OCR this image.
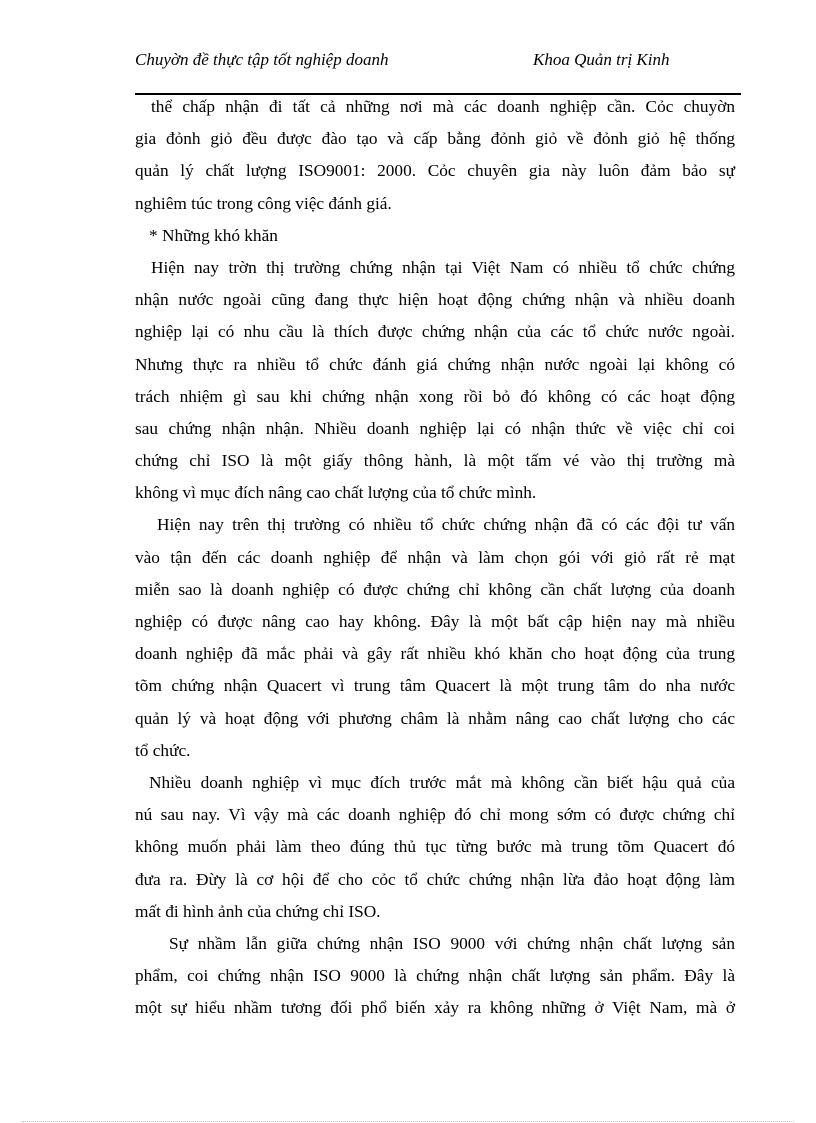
Chuyờn đề thực tập tốt nghiệp doanh	Khoa Quản trị Kinh
thể chấp nhận đi tất cả những nơi mà các doanh nghiệp cần. Cỏc chuyờn
gia đỏnh giỏ đều được đào tạo và cấp bằng đỏnh giỏ về đỏnh giỏ hệ thống
quản lý chất lượng ISO9001: 2000. Cỏc chuyên gia này luôn đảm bảo sự
nghiêm túc trong công việc đánh giá.
* Những khó khăn
Hiện nay trờn thị trường chứng nhận tại Việt Nam có nhiều tổ chức chứng
nhận nước ngoài cũng đang thực hiện hoạt động chứng nhận và nhiều doanh
nghiệp lại có nhu cầu là thích được chứng nhận của các tổ chức nước ngoài.
Nhưng thực ra nhiều tổ chức đánh giá chứng nhận nước ngoài lại không có
trách nhiệm gì sau khi chứng nhận xong rồi bỏ đó không có các hoạt động
sau chứng nhận nhận. Nhiều doanh nghiệp lại có nhận thức về việc chỉ coi
chứng chỉ ISO là một giấy thông hành, là một tấm vé vào thị trường mà
không vì mục đích nâng cao chất lượng của tổ chức mình.
Hiện nay trên thị trường có nhiều tổ chức chứng nhận đã có các đội tư vấn
vào tận đến các doanh nghiệp để nhận và làm chọn gói với giỏ rất rẻ mạt
miễn sao là doanh nghiệp có được chứng chỉ không cần chất lượng của doanh
nghiệp có được nâng cao hay không. Đây là một bất cập hiện nay mà nhiều
doanh nghiệp đã mắc phải và gây rất nhiều khó khăn cho hoạt động của trung
tõm chứng nhận Quacert vì trung tâm Quacert là một trung tâm do nha nước
quản lý và hoạt động với phương châm là nhằm nâng cao chất lượng cho các
tổ chức.
Nhiều doanh nghiệp vì mục đích trước mắt mà không cần biết hậu quả của
nú sau nay. Vì vậy mà các doanh nghiệp đó chỉ mong sớm có được chứng chỉ
không muốn phải làm theo đúng thủ tục từng bước mà trung tõm Quacert đó
đưa ra. Đừy là cơ hội để cho cỏc tổ chức chứng nhận lừa đảo hoạt động làm
mất đi hình ảnh của chứng chỉ ISO.
Sự nhầm lẫn giữa chứng nhận ISO 9000 với chứng nhận chất lượng sản
phẩm, coi chứng nhận ISO 9000 là chứng nhận chất lượng sản phẩm. Đây là
một sự hiểu nhầm tương đối phổ biến xảy ra không những ở Việt Nam, mà ở
